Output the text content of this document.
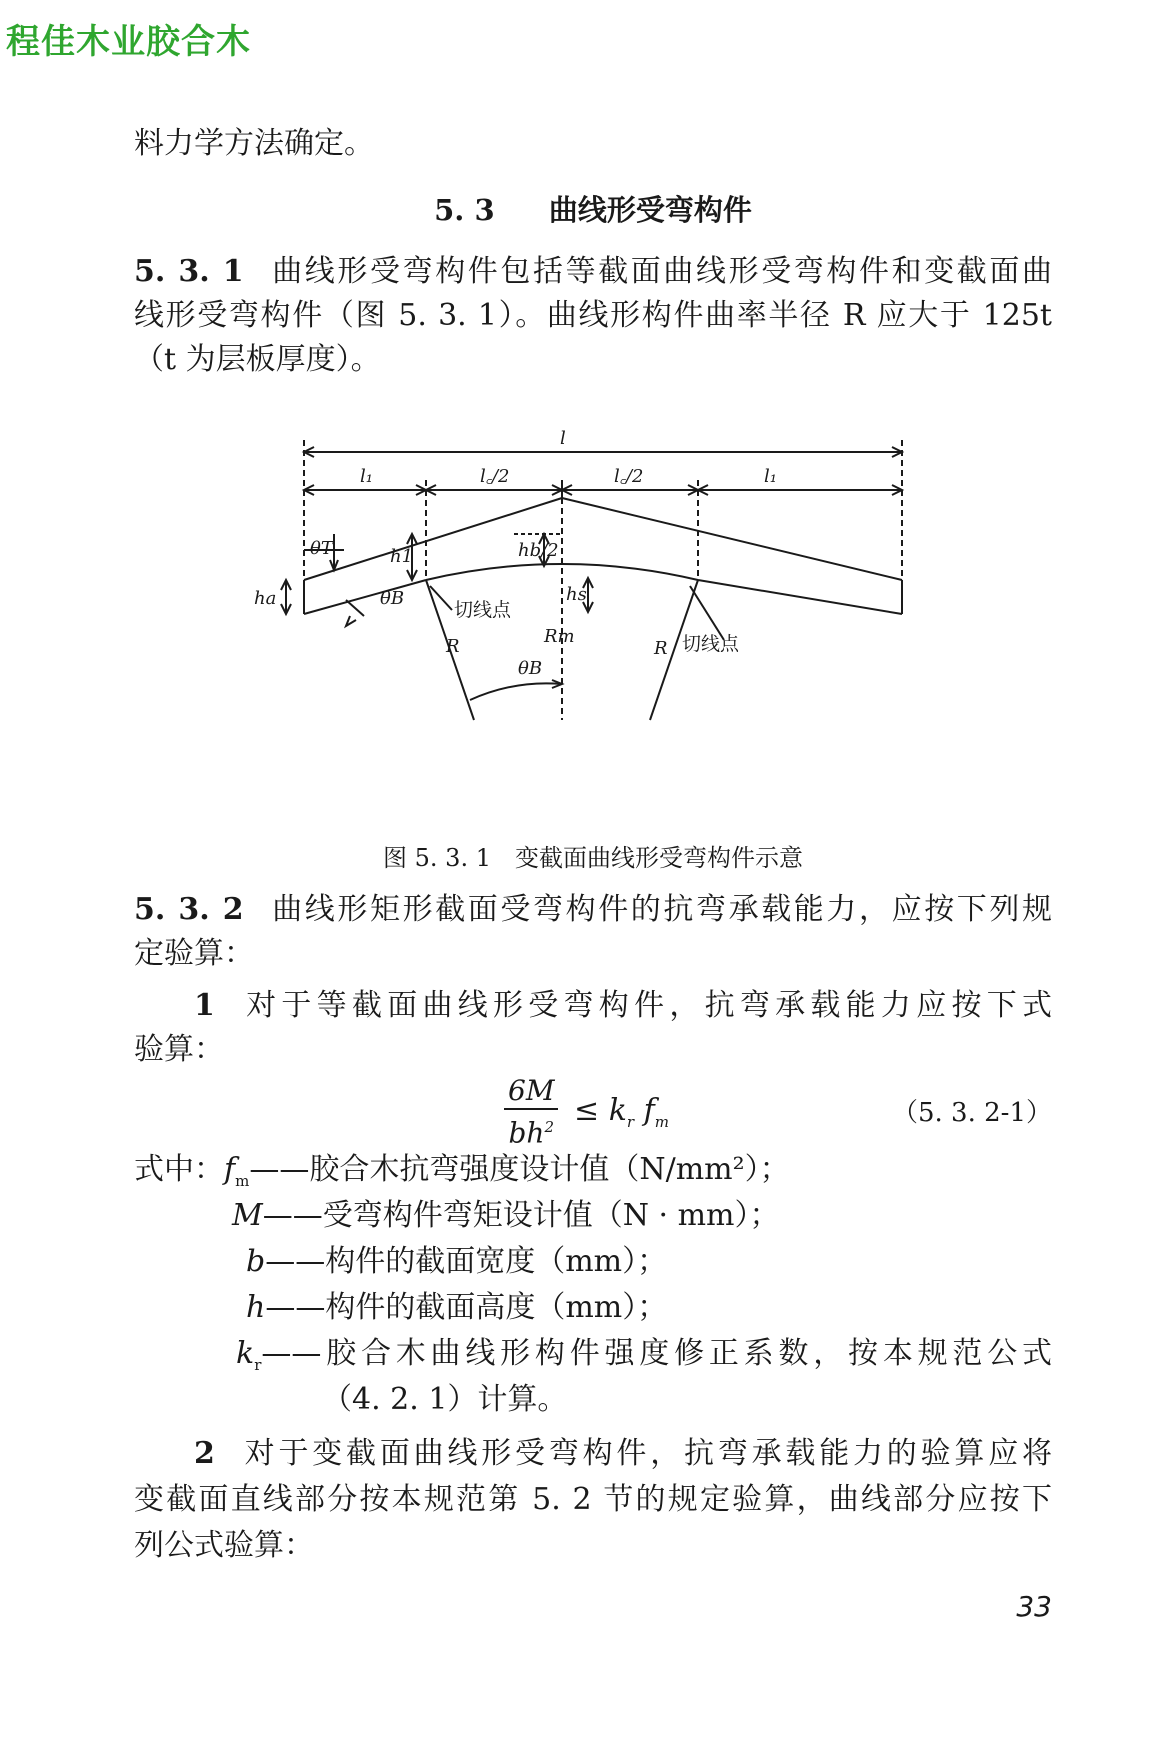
程佳木业胶合木
料力学方法确定。
5. 3 曲线形受弯构件
5. 3. 1 曲线形受弯构件包括等截面曲线形受弯构件和变截面曲
线形受弯构件（图 5. 3. 1）。曲线形构件曲率半径 R 应大于 125t
（t 为层板厚度）。
l
l₁	l꜀/2	l꜀/2	l₁
θT
θB
ha
h1	hb/2
hs
R	Rm
R
θB
切线点
切线点
图 5. 3. 1　变截面曲线形受弯构件示意
5. 3. 2 曲线形矩形截面受弯构件的抗弯承载能力，应按下列规
定验算：
1 对于等截面曲线形受弯构件，抗弯承载能力应按下式
验算：
$\frac{6M}{bh^2} \le k_r$ $f_m$	（5. 3. 2-1）
式中：$f_m——$胶合木抗弯强度设计值（N/mm²）；
M——受弯构件弯矩设计值（N · mm）；
b——构件的截面宽度（mm）；
h——构件的截面高度（mm）；
$k_r——$胶合木曲线形构件强度修正系数，按本规范公式
（4. 2. 1）计算。
2 对于变截面曲线形受弯构件，抗弯承载能力的验算应将
变截面直线部分按本规范第 5. 2 节的规定验算，曲线部分应按下
列公式验算：
33
